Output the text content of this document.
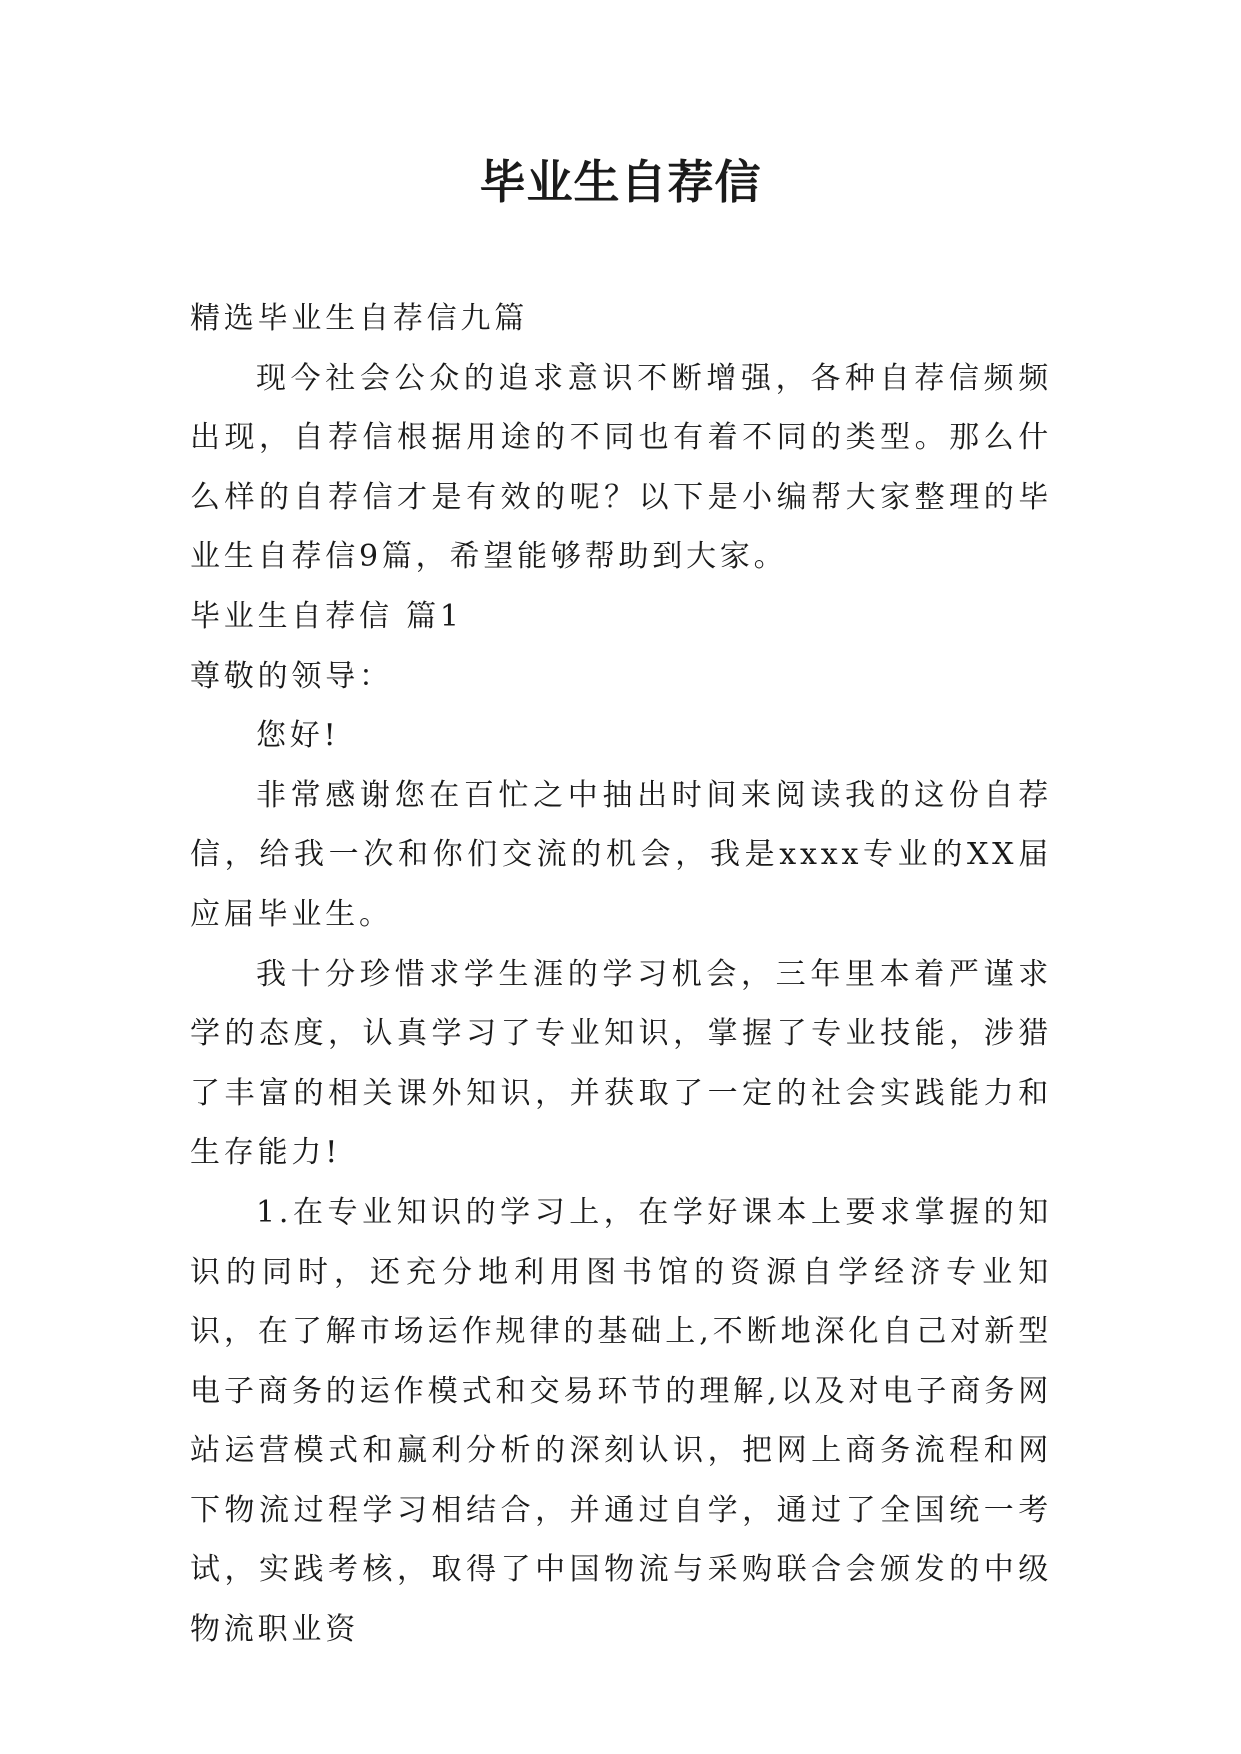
毕业生自荐信

精选毕业生自荐信九篇

现今社会公众的追求意识不断增强，各种自荐信频频出现，自荐信根据用途的不同也有着不同的类型。那么什么样的自荐信才是有效的呢？以下是小编帮大家整理的毕业生自荐信9篇，希望能够帮助到大家。

毕业生自荐信 篇1

尊敬的领导：

您好!

非常感谢您在百忙之中抽出时间来阅读我的这份自荐信，给我一次和你们交流的机会，我是xxxx专业的XX届应届毕业生。

我十分珍惜求学生涯的学习机会，三年里本着严谨求学的态度，认真学习了专业知识，掌握了专业技能，涉猎了丰富的相关课外知识，并获取了一定的社会实践能力和生存能力!

1.在专业知识的学习上，在学好课本上要求掌握的知识的同时，还充分地利用图书馆的资源自学经济专业知识，在了解市场运作规律的基础上,不断地深化自己对新型电子商务的运作模式和交易环节的理解,以及对电子商务网站运营模式和赢利分析的深刻认识，把网上商务流程和网下物流过程学习相结合，并通过自学，通过了全国统一考试，实践考核，取得了中国物流与采购联合会颁发的中级物流职业资
